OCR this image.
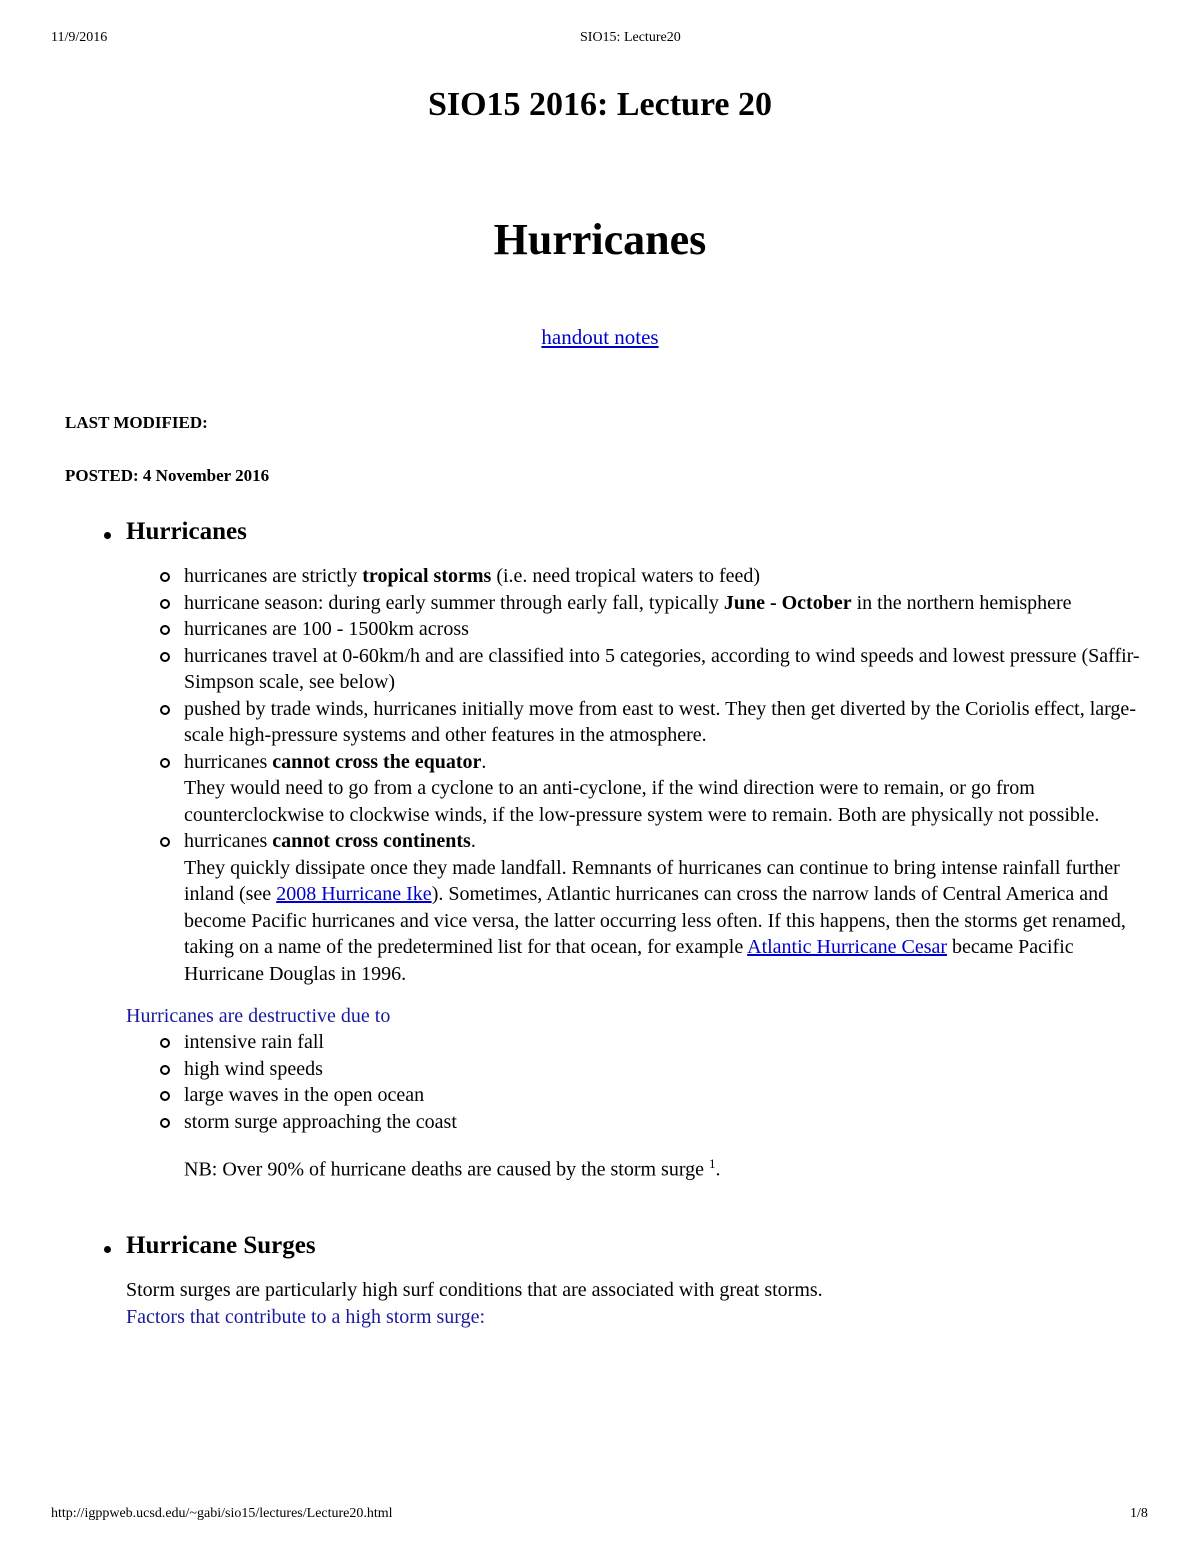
11/9/2016	SIO15: Lecture20
SIO15 2016: Lecture 20
Hurricanes
handout notes
LAST MODIFIED:
POSTED: 4 November 2016
Hurricanes
hurricanes are strictly tropical storms (i.e. need tropical waters to feed)
hurricane season: during early summer through early fall, typically June - October in the northern hemisphere
hurricanes are 100 - 1500km across
hurricanes travel at 0-60km/h and are classified into 5 categories, according to wind speeds and lowest pressure (Saffir-Simpson scale, see below)
pushed by trade winds, hurricanes initially move from east to west. They then get diverted by the Coriolis effect, large-scale high-pressure systems and other features in the atmosphere.
hurricanes cannot cross the equator.
They would need to go from a cyclone to an anti-cyclone, if the wind direction were to remain, or go from counterclockwise to clockwise winds, if the low-pressure system were to remain. Both are physically not possible.
hurricanes cannot cross continents.
They quickly dissipate once they made landfall. Remnants of hurricanes can continue to bring intense rainfall further inland (see 2008 Hurricane Ike). Sometimes, Atlantic hurricanes can cross the narrow lands of Central America and become Pacific hurricanes and vice versa, the latter occurring less often. If this happens, then the storms get renamed, taking on a name of the predetermined list for that ocean, for example Atlantic Hurricane Cesar became Pacific Hurricane Douglas in 1996.
Hurricanes are destructive due to
intensive rain fall
high wind speeds
large waves in the open ocean
storm surge approaching the coast
NB: Over 90% of hurricane deaths are caused by the storm surge $^1$.
Hurricane Surges
Storm surges are particularly high surf conditions that are associated with great storms.
Factors that contribute to a high storm surge:
http://igppweb.ucsd.edu/~gabi/sio15/lectures/Lecture20.html	1/8
